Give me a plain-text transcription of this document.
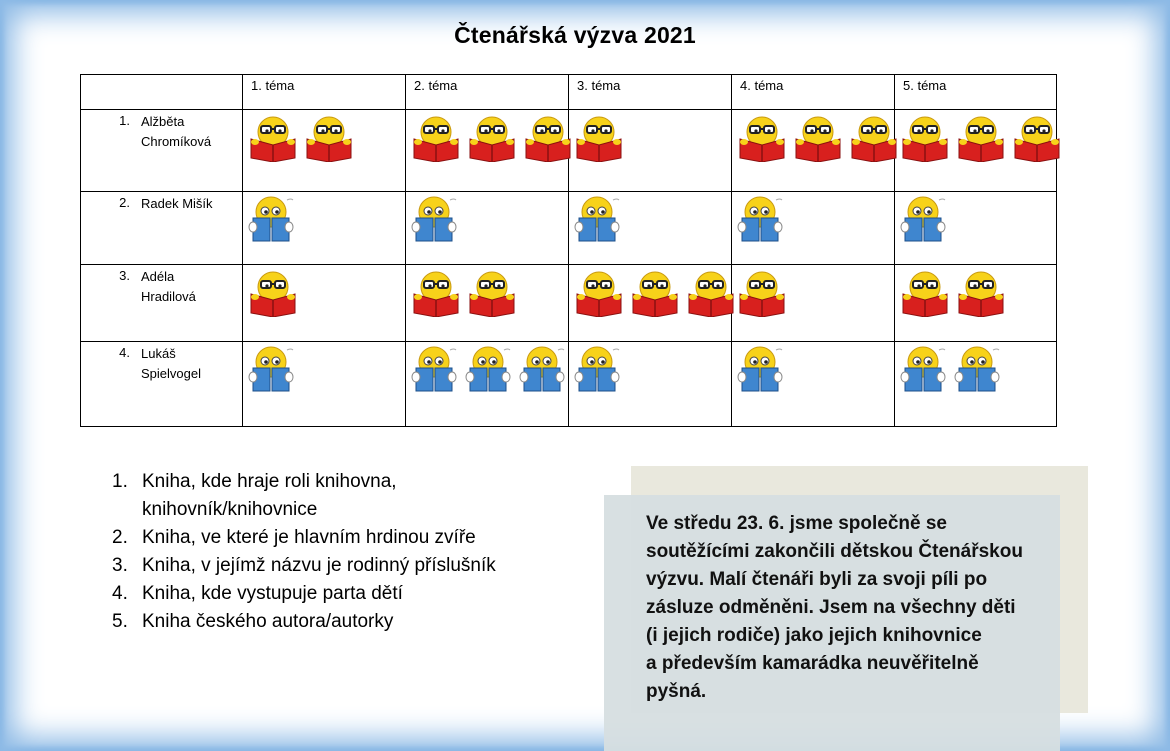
Čtenářská výzva 2021
	1. téma	2. téma	3. téma	4. téma	5. téma

1. Alžběta
Chromíková

2. Radek Mišík

3. Adéla
Hradilová

4. Lukáš
Spielvogel

1. Kniha, kde hraje roli knihovna, knihovník/knihovnice
2. Kniha, ve které je hlavním hrdinou zvíře
3. Kniha, v jejímž názvu je rodinný příslušník
4. Kniha, kde vystupuje parta dětí
5. Kniha českého autora/autorky
Ve středu 23. 6. jsme společně se
soutěžícími zakončili dětskou Čtenářskou
výzvu. Malí čtenáři byli za svoji píli po
zásluze odměněni. Jsem na všechny děti
(i jejich rodiče) jako jejich knihovnice
a především kamarádka neuvěřitelně
pyšná.
